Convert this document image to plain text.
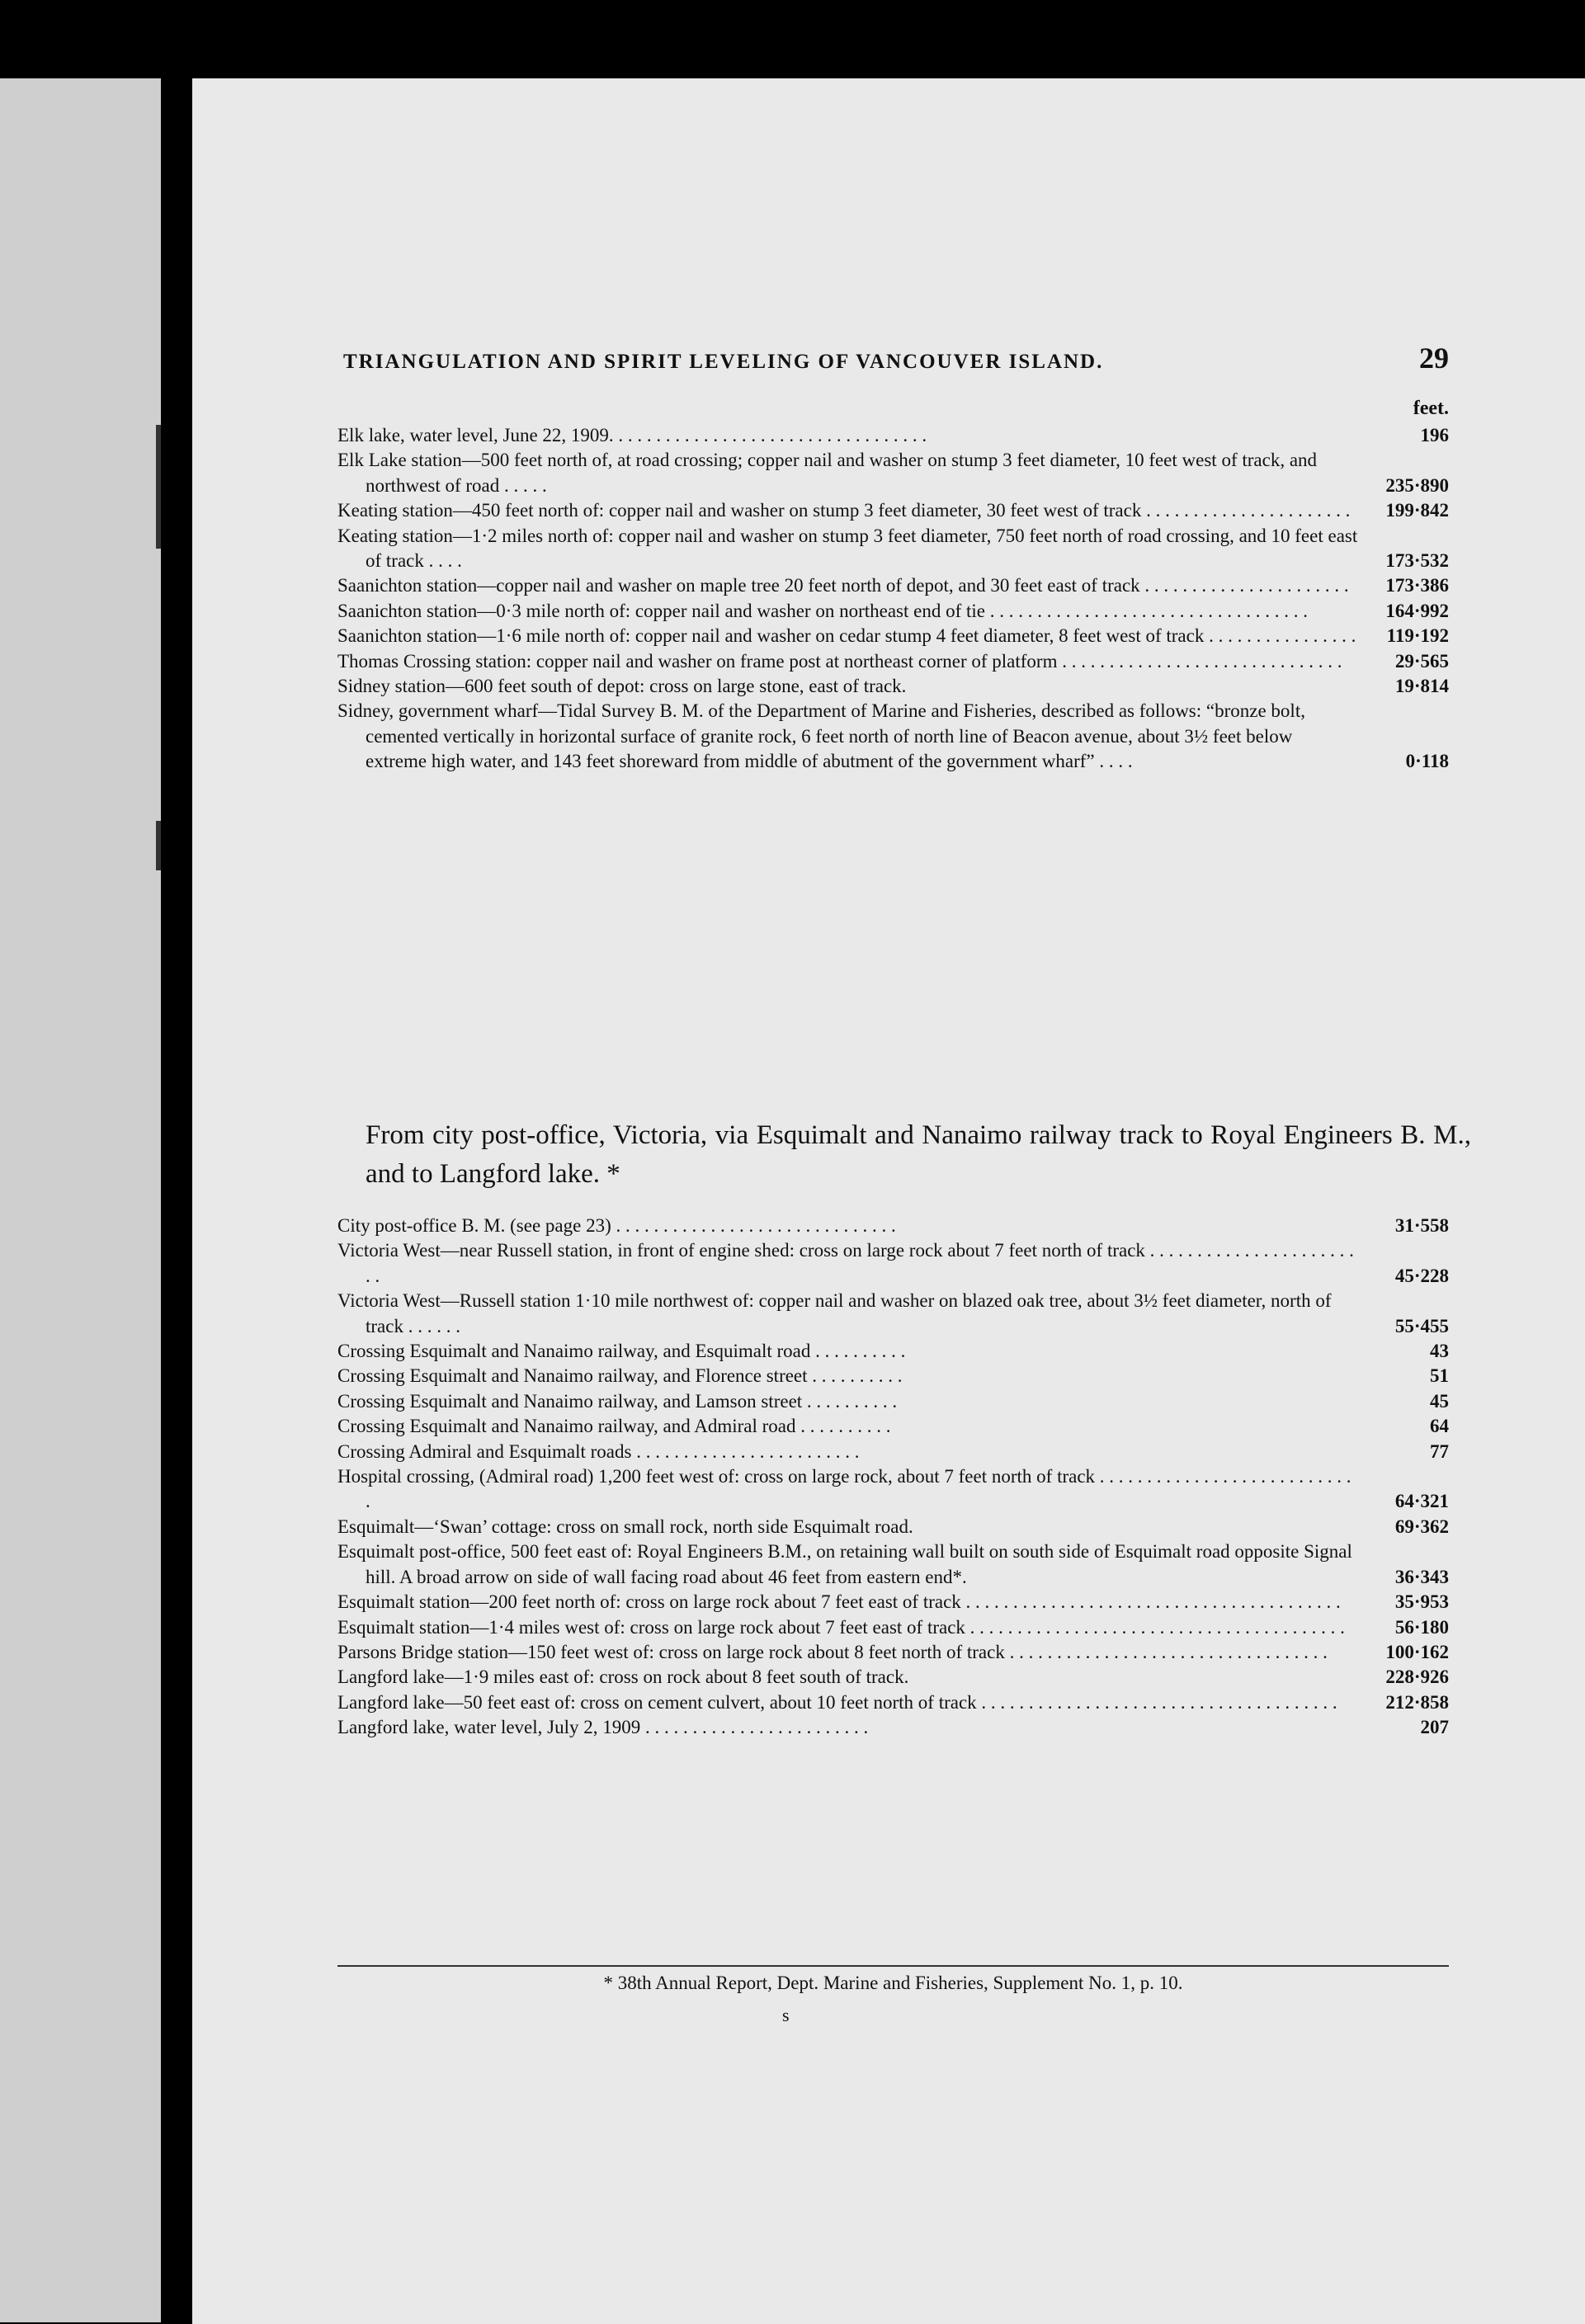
TRIANGULATION AND SPIRIT LEVELING OF VANCOUVER ISLAND.	29
feet.
Elk lake, water level, June 22, 1909. . . . . . . . . . . . . . . . . . . . . . . . . . . . . . . . . .	196
Elk Lake station—500 feet north of, at road crossing; copper nail and washer on stump 3 feet diameter, 10 feet west of track, and northwest of road . . . . .	235·890
Keating station—450 feet north of: copper nail and washer on stump 3 feet diameter, 30 feet west of track . . . . . . . . . . . . . . . . . . . . . .	199·842
Keating station—1·2 miles north of: copper nail and washer on stump 3 feet diameter, 750 feet north of road crossing, and 10 feet east of track . . . .	173·532
Saanichton station—copper nail and washer on maple tree 20 feet north of depot, and 30 feet east of track . . . . . . . . . . . . . . . . . . . . . .	173·386
Saanichton station—0·3 mile north of: copper nail and washer on northeast end of tie . . . . . . . . . . . . . . . . . . . . . . . . . . . . . . . . . .	164·992
Saanichton station—1·6 mile north of: copper nail and washer on cedar stump 4 feet diameter, 8 feet west of track . . . . . . . . . . . . . . . .	119·192
Thomas Crossing station: copper nail and washer on frame post at northeast corner of platform . . . . . . . . . . . . . . . . . . . . . . . . . . . . . .	29·565
Sidney station—600 feet south of depot: cross on large stone, east of track.	19·814
Sidney, government wharf—Tidal Survey B. M. of the Department of Marine and Fisheries, described as follows: “bronze bolt, cemented vertically in horizontal surface of granite rock, 6 feet north of north line of Beacon avenue, about 3½ feet below extreme high water, and 143 feet shoreward from middle of abutment of the government wharf” . . . .	0·118
From city post-office, Victoria, via Esquimalt and Nanaimo railway track to Royal Engineers B. M., and to Langford lake. *
City post-office B. M. (see page 23) . . . . . . . . . . . . . . . . . . . . . . . . . . . . . .	31·558
Victoria West—near Russell station, in front of engine shed: cross on large rock about 7 feet north of track . . . . . . . . . . . . . . . . . . . . . . . .	45·228
Victoria West—Russell station 1·10 mile northwest of: copper nail and washer on blazed oak tree, about 3½ feet diameter, north of track . . . . . .	55·455
Crossing Esquimalt and Nanaimo railway, and Esquimalt road . . . . . . . . . .	43
Crossing Esquimalt and Nanaimo railway, and Florence street . . . . . . . . . .	51
Crossing Esquimalt and Nanaimo railway, and Lamson street . . . . . . . . . .	45
Crossing Esquimalt and Nanaimo railway, and Admiral road . . . . . . . . . .	64
Crossing Admiral and Esquimalt roads . . . . . . . . . . . . . . . . . . . . . . . .	77
Hospital crossing, (Admiral road) 1,200 feet west of: cross on large rock, about 7 feet north of track . . . . . . . . . . . . . . . . . . . . . . . . . . . .	64·321
Esquimalt—‘Swan’ cottage: cross on small rock, north side Esquimalt road.	69·362
Esquimalt post-office, 500 feet east of: Royal Engineers B.M., on retaining wall built on south side of Esquimalt road opposite Signal hill. A broad arrow on side of wall facing road about 46 feet from eastern end*.	36·343
Esquimalt station—200 feet north of: cross on large rock about 7 feet east of track . . . . . . . . . . . . . . . . . . . . . . . . . . . . . . . . . . . . . . . .	35·953
Esquimalt station—1·4 miles west of: cross on large rock about 7 feet east of track . . . . . . . . . . . . . . . . . . . . . . . . . . . . . . . . . . . . . . . .	56·180
Parsons Bridge station—150 feet west of: cross on large rock about 8 feet north of track . . . . . . . . . . . . . . . . . . . . . . . . . . . . . . . . . .	100·162
Langford lake—1·9 miles east of: cross on rock about 8 feet south of track.	228·926
Langford lake—50 feet east of: cross on cement culvert, about 10 feet north of track . . . . . . . . . . . . . . . . . . . . . . . . . . . . . . . . . . . . . .	212·858
Langford lake, water level, July 2, 1909 . . . . . . . . . . . . . . . . . . . . . . . .	207
* 38th Annual Report, Dept. Marine and Fisheries, Supplement No. 1, p. 10.
s
